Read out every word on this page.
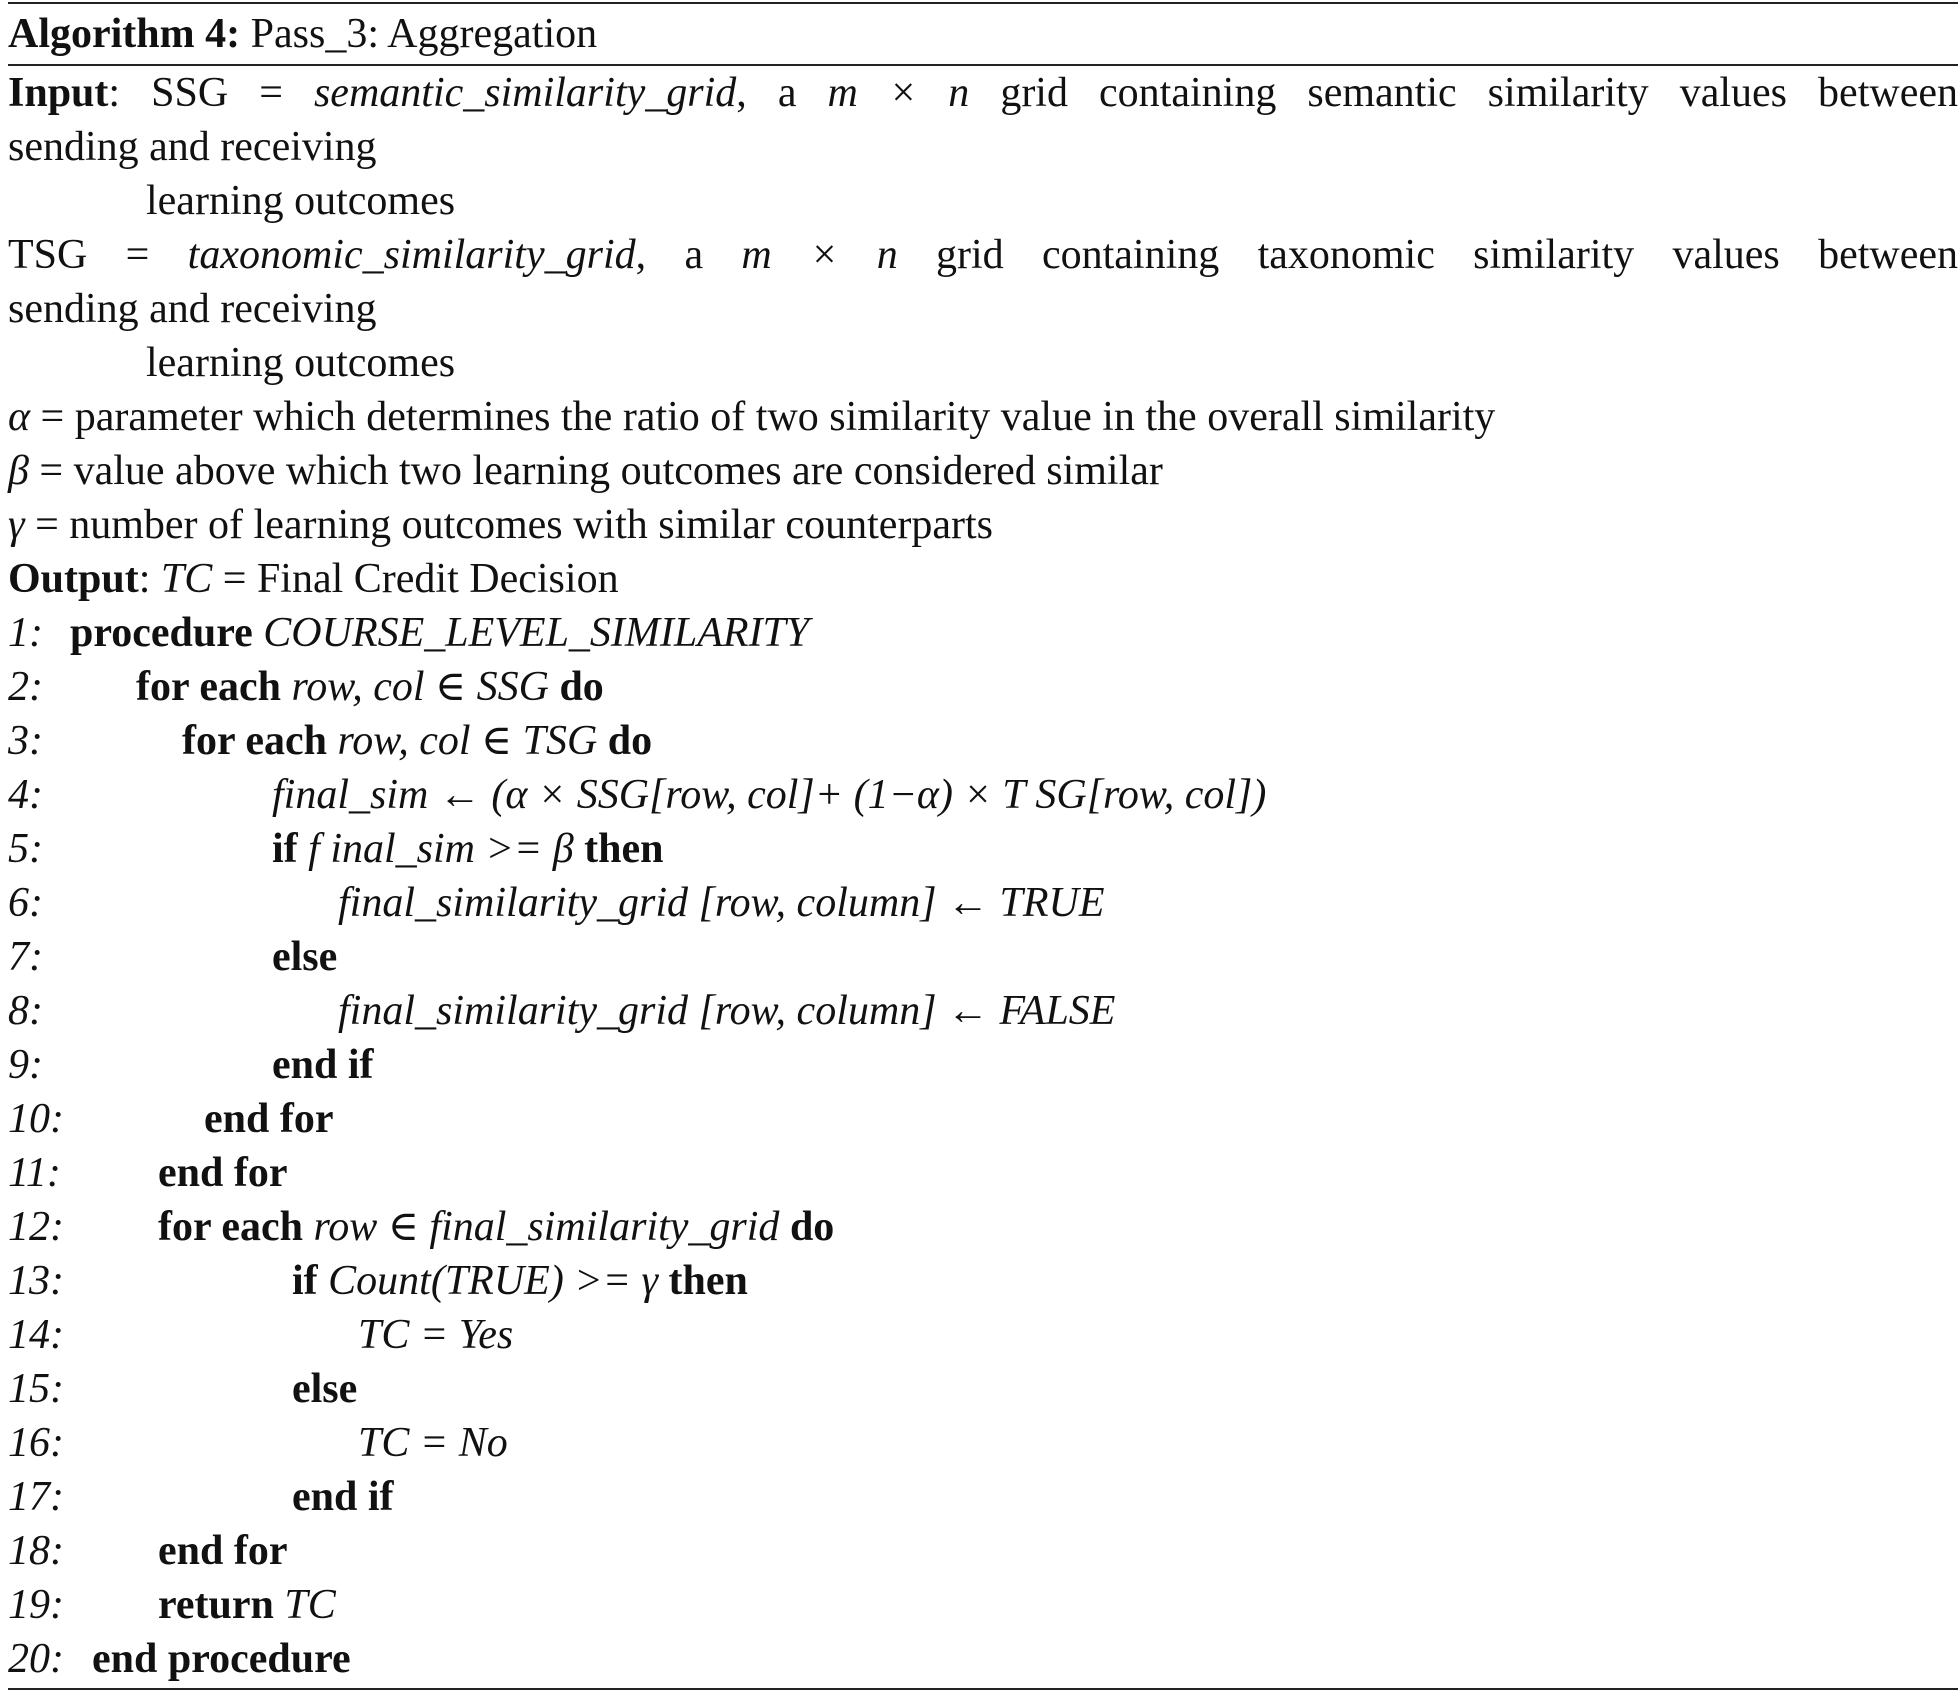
Algorithm 4: Pass_3: Aggregation
Input: SSG = semantic_similarity_grid, a m × n grid containing semantic similarity values between
sending and receiving
learning outcomes
TSG = taxonomic_similarity_grid, a m × n grid containing taxonomic similarity values between
sending and receiving
learning outcomes
α = parameter which determines the ratio of two similarity value in the overall similarity
β = value above which two learning outcomes are considered similar
γ = number of learning outcomes with similar counterparts
Output: TC = Final Credit Decision
1: procedure COURSE_LEVEL_SIMILARITY
2:	for each row, col ∈ SSG do
3:	for each row, col ∈ TSG do
4:	final_sim ← (α × SSG[row, col]+ (1−α) × T SG[row, col])
5:	if f inal_sim >= β then
6:	final_similarity_grid [row, column] ← TRUE
7:	else
8:	final_similarity_grid [row, column] ← FALSE
9:	end if
10:	end for
11:	end for
12:	for each row ∈ final_similarity_grid do
13:	if Count(TRUE) >= γ then
14:	TC = Yes
15:	else
16:	TC = No
17:	end if
18:	end for
19:	return TC
20: end procedure
